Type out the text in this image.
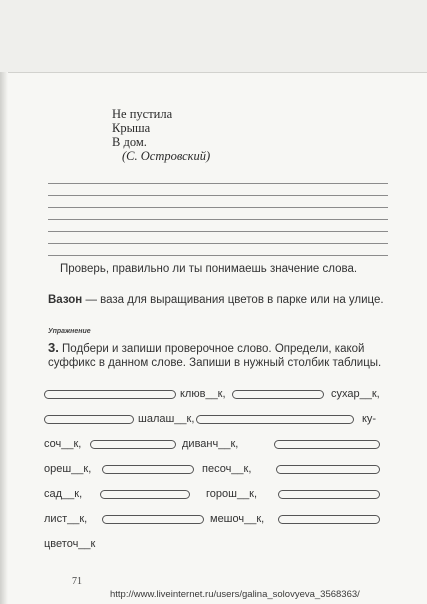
Не пустила
Крыша
В дом.
(С. Островский)
Проверь, правильно ли ты понимаешь значение слова.
Вазон — ваза для выращивания цветов в парке или на улице.
Упражнение
3. Подбери и запиши проверочное слово. Определи, какой суффикс в данном слове. Запиши в нужный столбик таблицы.
клюв__к,	сухар__к,
шалаш__к,	ку-
соч__к,	диванч__к,
ореш__к,	песоч__к,
сад__к,	горош__к,
лист__к,	мешоч__к,
цветоч__к
71
http://www.liveinternet.ru/users/galina_solovyeva_3568363/
